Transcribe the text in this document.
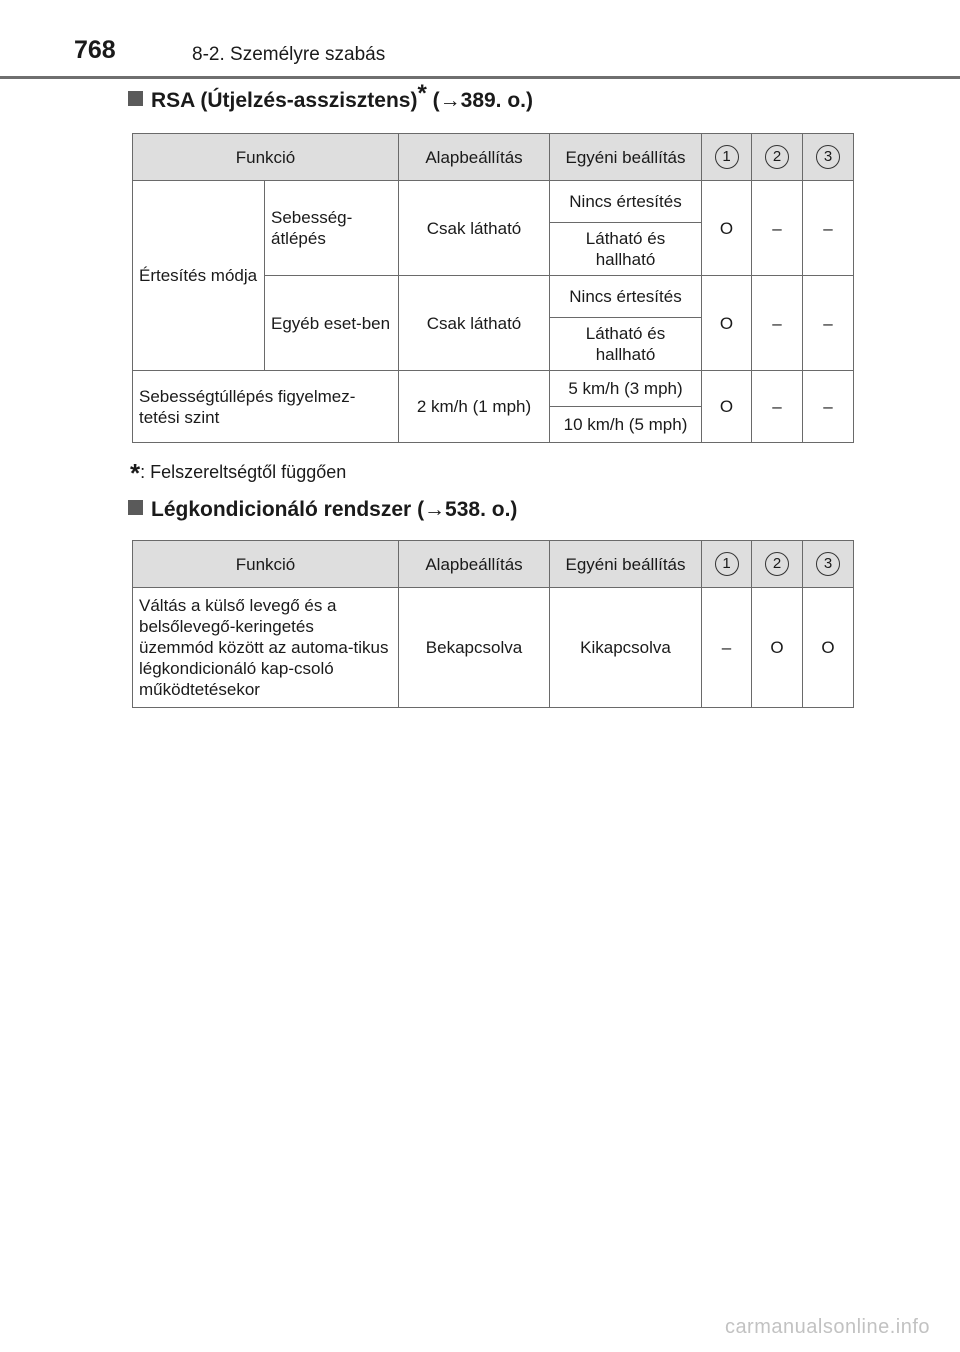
768	8-2. Személyre szabás
RSA (Útjelzés-asszisztens)* (→389. o.)
Funkció		Alapbeállítás	Egyéni beállítás	1	2	3
Értesítés módja	Sebesség-átlépés	Csak látható	Nincs értesítés	O	–	–
			Látható és hallható			
	Egyéb eset-ben	Csak látható	Nincs értesítés	O	–	–
			Látható és hallható			
Sebességtúllépés figyelmez-tetési szint		2 km/h (1 mph)	5 km/h (3 mph)	O	–	–
			10 km/h (5 mph)			
*: Felszereltségtől függően
Légkondicionáló rendszer (→538. o.)
Funkció	Alapbeállítás	Egyéni beállítás	1	2	3
Váltás a külső levegő és a belsőlevegő-keringetés üzemmód között az automa-tikus légkondicionáló kap-csoló működtetésekor	Bekapcsolva	Kikapcsolva	–	O	O
carmanualsonline.info
